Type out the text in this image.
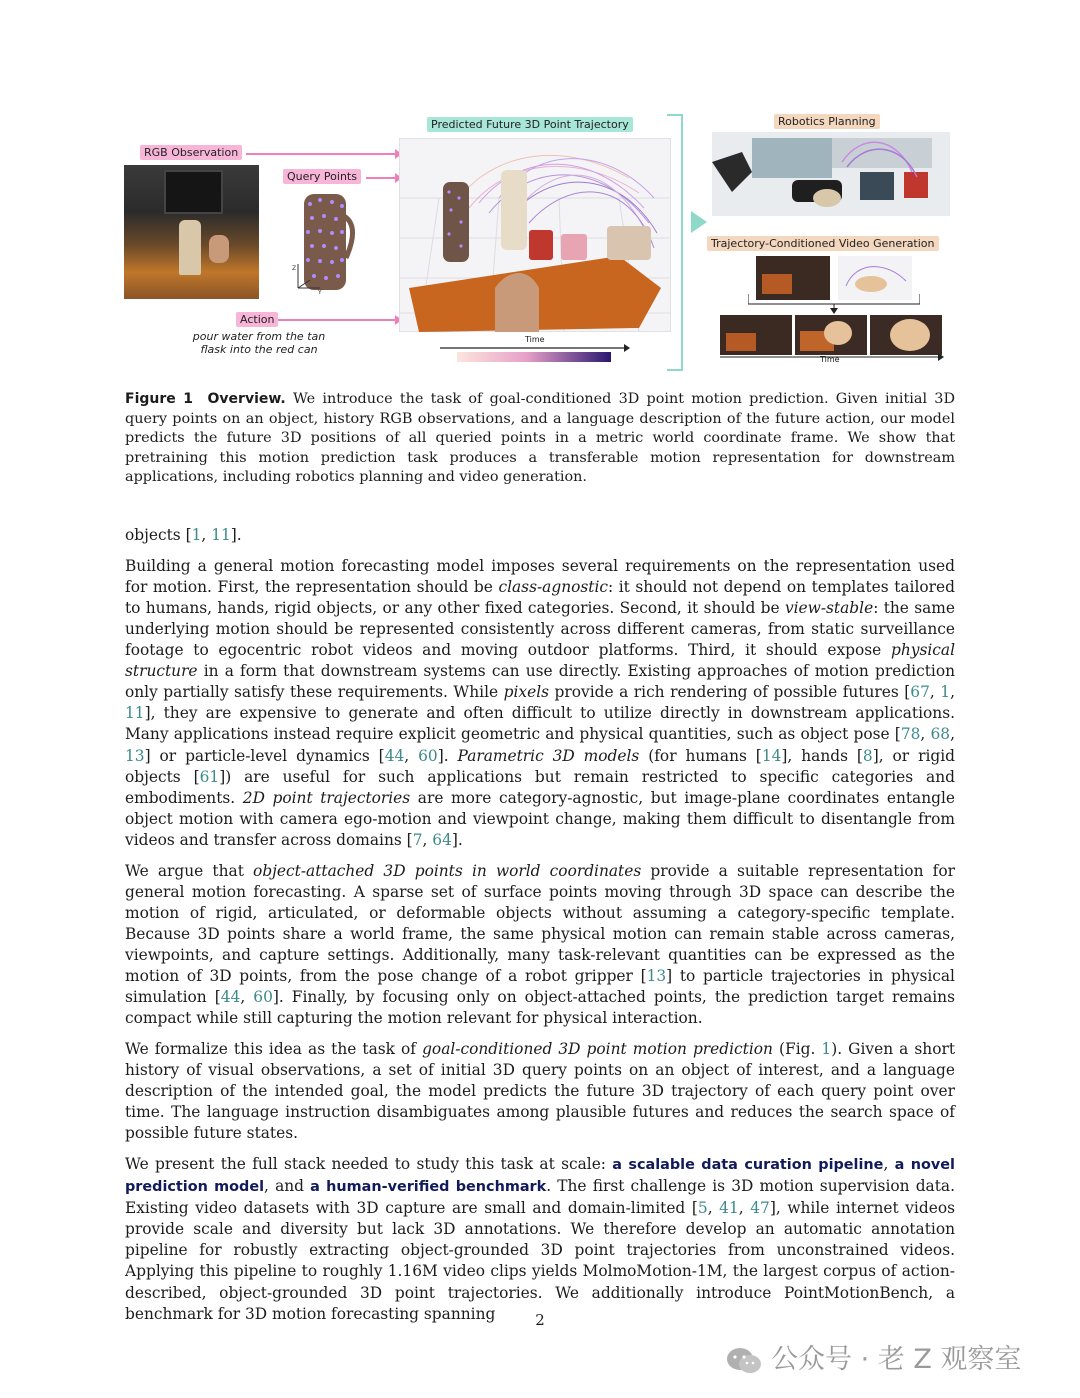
RGB Observation
Query Points
Z
Y
Action
pour water from the tan
flask into the red can
Predicted Future 3D Point Trajectory
Time
Robotics Planning
Trajectory-Conditioned Video Generation
Time
Figure 1 Overview. We introduce the task of goal-conditioned 3D point motion prediction. Given initial 3D query points on an object, history RGB observations, and a language description of the future action, our model predicts the future 3D positions of all queried points in a metric world coordinate frame. We show that pretraining this motion prediction task produces a transferable motion representation for downstream applications, including robotics planning and video generation.

objects [1, 11].

Building a general motion forecasting model imposes several requirements on the representation used for motion. First, the representation should be class-agnostic: it should not depend on templates tailored to humans, hands, rigid objects, or any other fixed categories. Second, it should be view-stable: the same underlying motion should be represented consistently across different cameras, from static surveillance footage to egocentric robot videos and moving outdoor platforms. Third, it should expose physical structure in a form that downstream systems can use directly. Existing approaches of motion prediction only partially satisfy these requirements. While pixels provide a rich rendering of possible futures [67, 1, 11], they are expensive to generate and often difficult to utilize directly in downstream applications. Many applications instead require explicit geometric and physical quantities, such as object pose [78, 68, 13] or particle-level dynamics [44, 60]. Parametric 3D models (for humans [14], hands [8], or rigid objects [61]) are useful for such applications but remain restricted to specific categories and embodiments. 2D point trajectories are more category-agnostic, but image-plane coordinates entangle object motion with camera ego-motion and viewpoint change, making them difficult to disentangle from videos and transfer across domains [7, 64].

We argue that object-attached 3D points in world coordinates provide a suitable representation for general motion forecasting. A sparse set of surface points moving through 3D space can describe the motion of rigid, articulated, or deformable objects without assuming a category-specific template. Because 3D points share a world frame, the same physical motion can remain stable across cameras, viewpoints, and capture settings. Additionally, many task-relevant quantities can be expressed as the motion of 3D points, from the pose change of a robot gripper [13] to particle trajectories in physical simulation [44, 60]. Finally, by focusing only on object-attached points, the prediction target remains compact while still capturing the motion relevant for physical interaction.

We formalize this idea as the task of goal-conditioned 3D point motion prediction (Fig. 1). Given a short history of visual observations, a set of initial 3D query points on an object of interest, and a language description of the intended goal, the model predicts the future 3D trajectory of each query point over time. The language instruction disambiguates among plausible futures and reduces the search space of possible future states.

We present the full stack needed to study this task at scale: a scalable data curation pipeline, a novel prediction model, and a human-verified benchmark. The first challenge is 3D motion supervision data. Existing video datasets with 3D capture are small and domain-limited [5, 41, 47], while internet videos provide scale and diversity but lack 3D annotations. We therefore develop an automatic annotation pipeline for robustly extracting object-grounded 3D point trajectories from unconstrained videos. Applying this pipeline to roughly 1.16M video clips yields MolmoMotion-1M, the largest corpus of action-described, object-grounded 3D point trajectories. We additionally introduce PointMotionBench, a benchmark for 3D motion forecasting spanning	2
公众号 · 老 Z 观察室
